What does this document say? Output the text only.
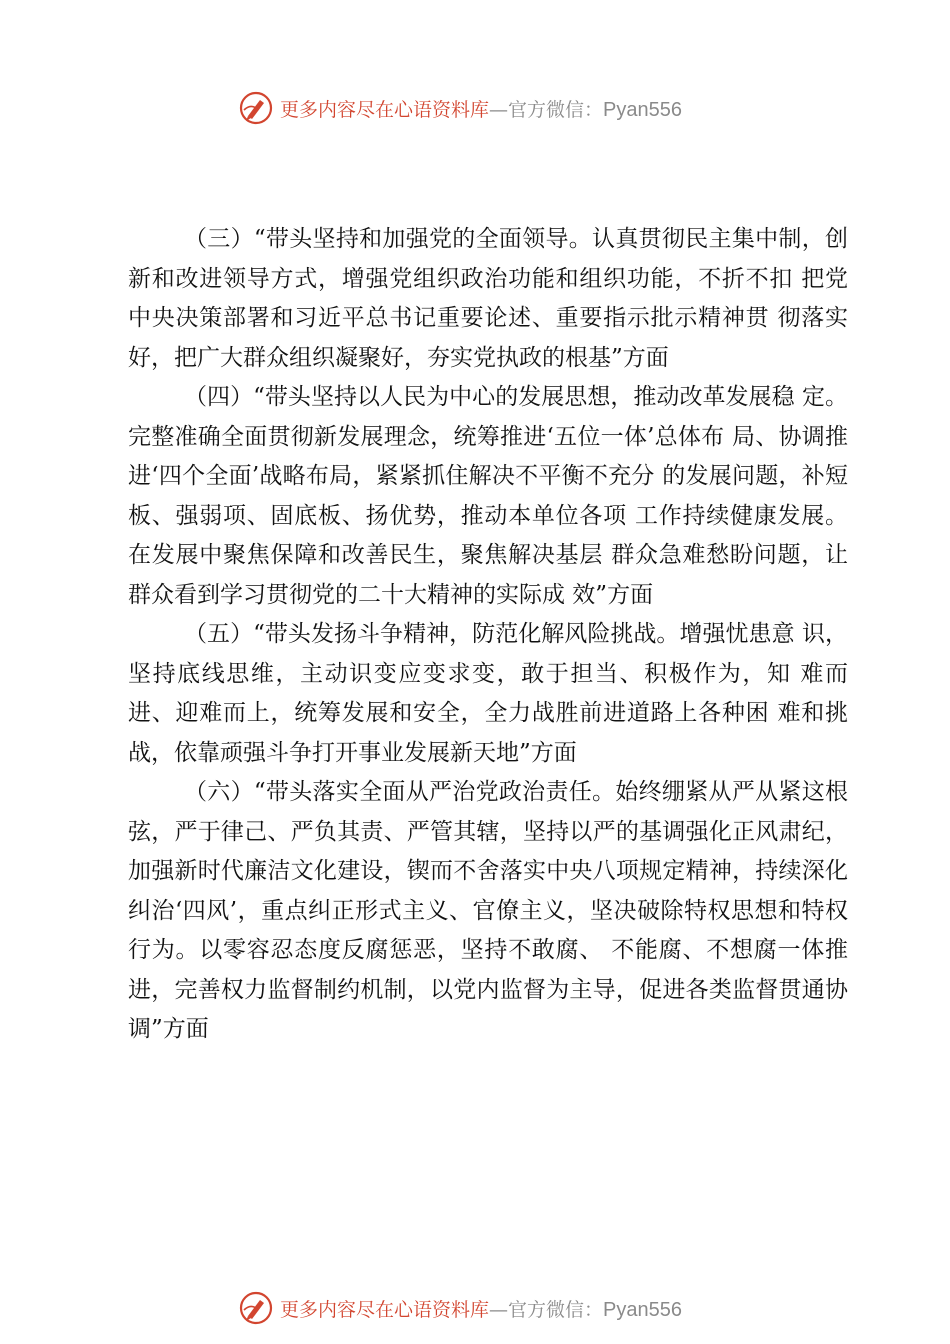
更多内容尽在心语资料库—官方微信：Pyan556

（三）“带头坚持和加强党的全面领导。认真贯彻民主集中制，创新和改进领导方式，增强党组织政治功能和组织功能，不折不扣 把党中央决策部署和习近平总书记重要论述、重要指示批示精神贯 彻落实好，把广大群众组织凝聚好，夯实党执政的根基”方面

（四）“带头坚持以人民为中心的发展思想，推动改革发展稳 定。完整准确全面贯彻新发展理念，统筹推进‘五位一体’总体布 局、协调推进‘四个全面’战略布局，紧紧抓住解决不平衡不充分 的发展问题，补短板、强弱项、固底板、扬优势，推动本单位各项 工作持续健康发展。在发展中聚焦保障和改善民生，聚焦解决基层 群众急难愁盼问题，让群众看到学习贯彻党的二十大精神的实际成 效”方面

（五）“带头发扬斗争精神，防范化解风险挑战。增强忧患意 识，坚持底线思维，主动识变应变求变，敢于担当、积极作为，知 难而进、迎难而上，统筹发展和安全，全力战胜前进道路上各种困 难和挑战，依靠顽强斗争打开事业发展新天地”方面

（六）“带头落实全面从严治党政治责任。始终绷紧从严从紧这根弦，严于律己、严负其责、严管其辖，坚持以严的基调强化正风肃纪，加强新时代廉洁文化建设，锲而不舍落实中央八项规定精神，持续深化纠治‘四风’，重点纠正形式主义、官僚主义，坚决破除特权思想和特权行为。以零容忍态度反腐惩恶，坚持不敢腐、 不能腐、不想腐一体推进，完善权力监督制约机制，以党内监督为主导，促进各类监督贯通协调”方面

更多内容尽在心语资料库—官方微信：Pyan556
